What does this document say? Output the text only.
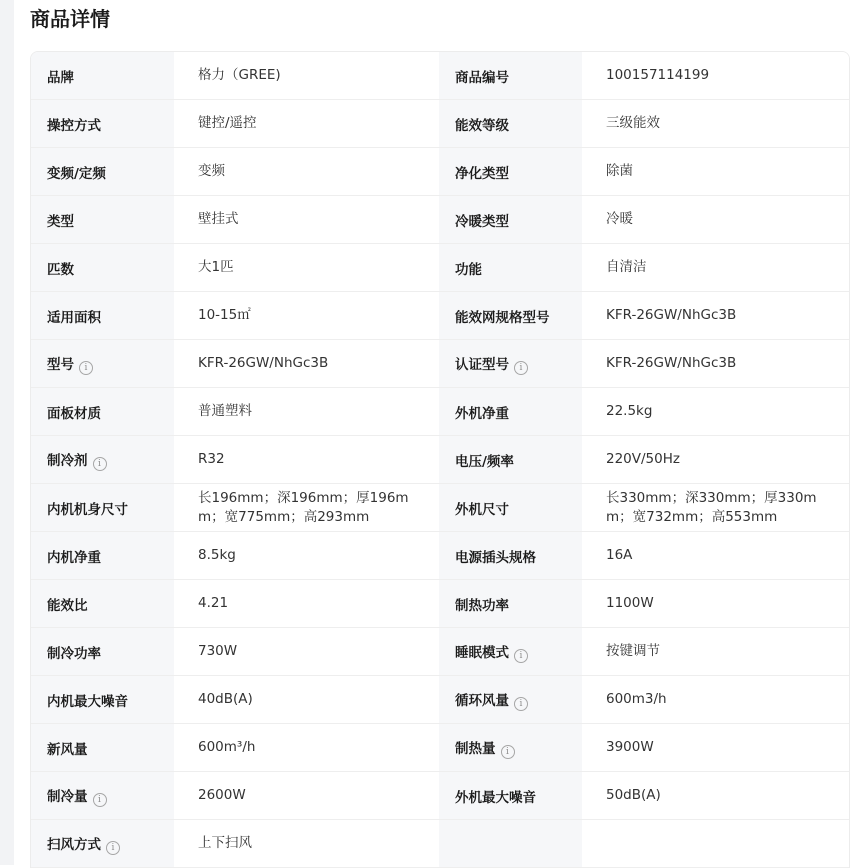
商品详情
品牌	格力（GREE)	商品编号	100157114199

操控方式	键控/遥控	能效等级	三级能效

变频/定频	变频	净化类型	除菌

类型	壁挂式	冷暖类型	冷暖

匹数	大1匹	功能	自清洁

适用面积	10-15㎡	能效网规格型号	KFR-26GW/NhGc3B

型号 i	KFR-26GW/NhGc3B	认证型号 i	KFR-26GW/NhGc3B

面板材质	普通塑料	外机净重	22.5kg

制冷剂 i	R32	电压/频率	220V/50Hz

内机机身尺寸	长196mm；深196mm；厚196mm；宽775mm；高293mm	外机尺寸	长330mm；深330mm；厚330mm；宽732mm；高553mm

内机净重	8.5kg	电源插头规格	16A

能效比	4.21	制热功率	1100W

制冷功率	730W	睡眠模式 i	按键调节

内机最大噪音	40dB(A)	循环风量 i	600m3/h

新风量	600m³/h	制热量 i	3900W

制冷量 i	2600W	外机最大噪音	50dB(A)

扫风方式 i	上下扫风		
